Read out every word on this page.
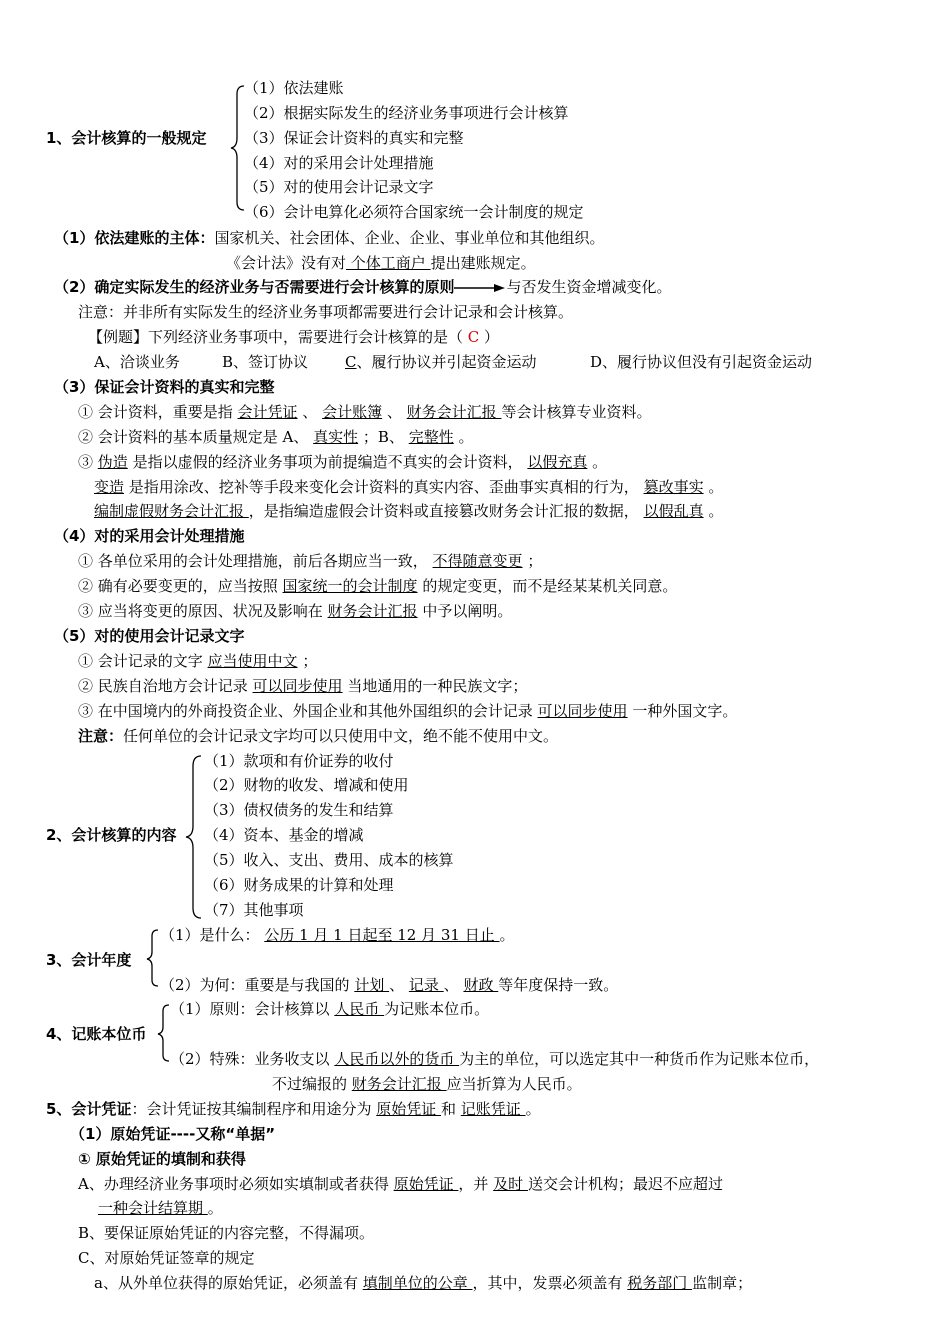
1、会计核算的一般规定
（1）依法建账
（2）根据实际发生的经济业务事项进行会计核算
（3）保证会计资料的真实和完整
（4）对的采用会计处理措施
（5）对的使用会计记录文字
（6）会计电算化必须符合国家统一会计制度的规定
（1）依法建账的主体：国家机关、社会团体、企业、企业、事业单位和其他组织。
《会计法》没有对 个体工商户 提出建账规定。
（2）确定实际发生的经济业务与否需要进行会计核算的原则	与否发生资金增减变化。
注意：并非所有实际发生的经济业务事项都需要进行会计记录和会计核算。
【例题】下列经济业务事项中，需要进行会计核算的是（ C ）
A、洽谈业务	B、签订协议 C、履行协议并引起资金运动	D、履行协议但没有引起资金运动
（3）保证会计资料的真实和完整
① 会计资料，重要是指 会计凭证 、 会计账簿 、 财务会计汇报 等会计核算专业资料。
② 会计资料的基本质量规定是 A、 真实性 ；B、 完整性 。
③ 伪造 是指以虚假的经济业务事项为前提编造不真实的会计资料， 以假充真 。
变造 是指用涂改、挖补等手段来变化会计资料的真实内容、歪曲事实真相的行为， 篡改事实 。
编制虚假财务会计汇报 ，是指编造虚假会计资料或直接篡改财务会计汇报的数据， 以假乱真 。
（4）对的采用会计处理措施
① 各单位采用的会计处理措施，前后各期应当一致， 不得随意变更 ；
② 确有必要变更的，应当按照 国家统一的会计制度 的规定变更，而不是经某某机关同意。
③ 应当将变更的原因、状况及影响在 财务会计汇报 中予以阐明。
（5）对的使用会计记录文字
① 会计记录的文字 应当使用中文 ；
② 民族自治地方会计记录 可以同步使用 当地通用的一种民族文字；
③ 在中国境内的外商投资企业、外国企业和其他外国组织的会计记录 可以同步使用 一种外国文字。
注意：任何单位的会计记录文字均可以只使用中文，绝不能不使用中文。
2、会计核算的内容
（1）款项和有价证券的收付
（2）财物的收发、增减和使用
（3）债权债务的发生和结算
（4）资本、基金的增减
（5）收入、支出、费用、成本的核算
（6）财务成果的计算和处理
（7）其他事项
3、会计年度
（1）是什么： 公历 1 月 1 日起至 12 月 31 日止 。
（2）为何：重要是与我国的 计划 、 记录 、 财政 等年度保持一致。
4、记账本位币
（1）原则：会计核算以 人民币 为记账本位币。
（2）特殊：业务收支以 人民币以外的货币 为主的单位，可以选定其中一种货币作为记账本位币，
不过编报的 财务会计汇报 应当折算为人民币。
5、会计凭证：会计凭证按其编制程序和用途分为 原始凭证 和 记账凭证 。
（1）原始凭证----又称“单据”
① 原始凭证的填制和获得
A、办理经济业务事项时必须如实填制或者获得 原始凭证 ，并 及时 送交会计机构；最迟不应超过
一种会计结算期 。
B、要保证原始凭证的内容完整，不得漏项。
C、对原始凭证签章的规定
a、从外单位获得的原始凭证，必须盖有 填制单位的公章 ，其中，发票必须盖有 税务部门 监制章；
